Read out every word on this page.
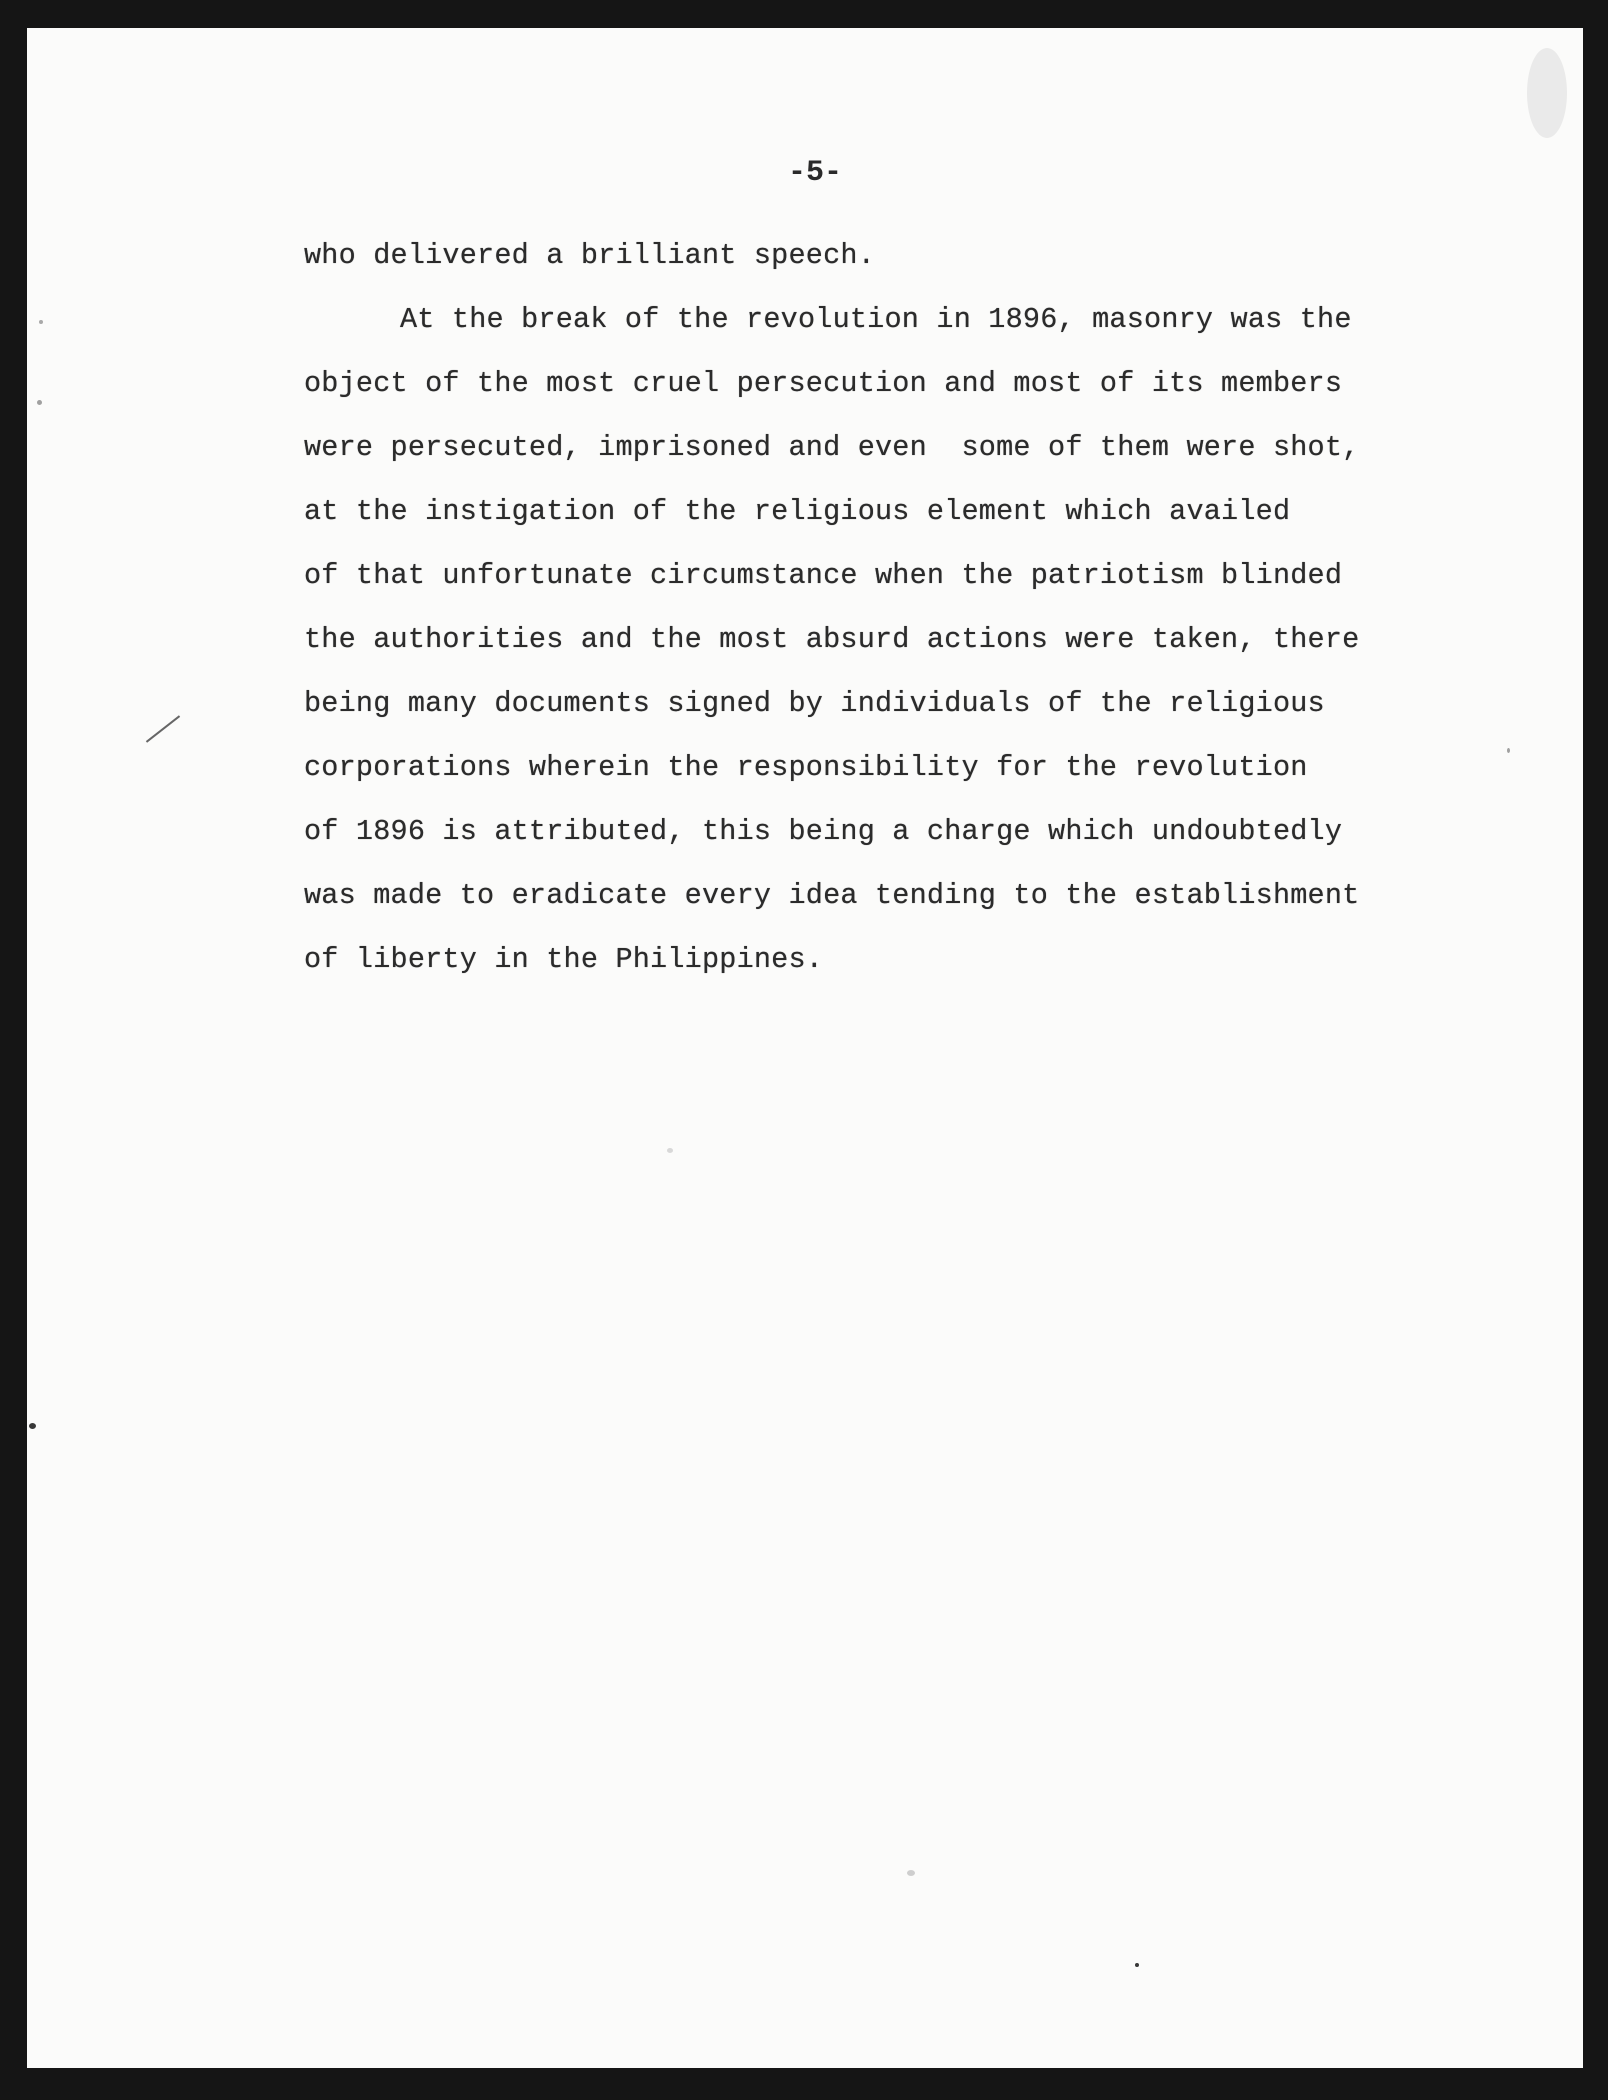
-5-
who delivered a brilliant speech.
At the break of the revolution in 1896, masonry was the
object of the most cruel persecution and most of its members
were persecuted, imprisoned and even  some of them were shot,
at the instigation of the religious element which availed
of that unfortunate circumstance when the patriotism blinded
the authorities and the most absurd actions were taken, there
being many documents signed by individuals of the religious
corporations wherein the responsibility for the revolution
of 1896 is attributed, this being a charge which undoubtedly
was made to eradicate every idea tending to the establishment
of liberty in the Philippines.
